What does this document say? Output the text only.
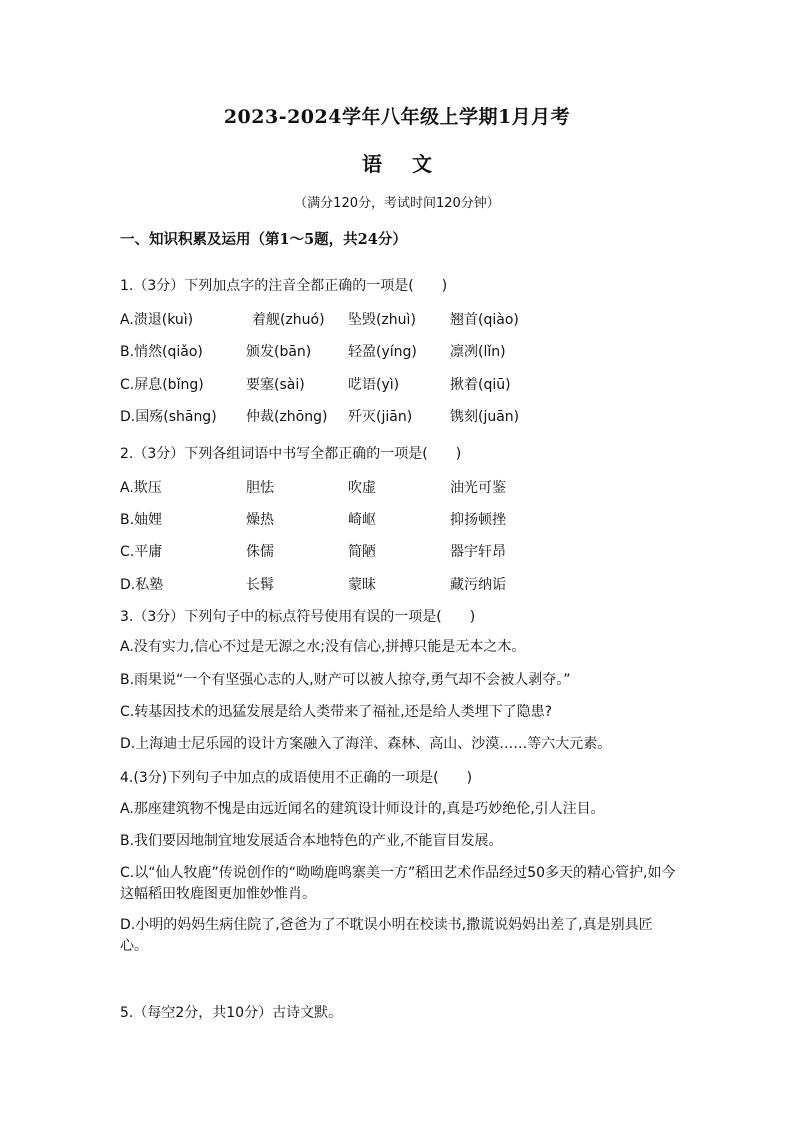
2023-2024学年八年级上学期1月月考
语文
（满分120分，考试时间120分钟）
一、知识积累及运用（第1～5题，共24分）
1.（3分）下列加点字的注音全都正确的一项是(　　)
A.溃退(kuì)	着舰(zhuó) 坠毁(zhuì) 翘首(qiào)
B.悄然(qiǎo)	颁发(bān)	轻盈(yíng) 凛冽(lǐn)
C.屏息(bǐng)	要塞(sài)	呓语(yì)	揪着(qiū)
D.国殇(shāng) 仲裁(zhōng) 歼灭(jiān)	镌刻(juān)
2.（3分）下列各组词语中书写全都正确的一项是(　　)
A.欺压	胆怯	吹虚	油光可鉴
B.妯娌	燥热	崎岖	抑扬顿挫
C.平庸	侏儒	简陋	器宇轩昂
D.私塾	长髯	蒙昧	藏污纳诟
3.（3分）下列句子中的标点符号使用有误的一项是(　　)
A.没有实力,信心不过是无源之水;没有信心,拼搏只能是无本之木。
B.雨果说“一个有坚强心志的人,财产可以被人掠夺,勇气却不会被人剥夺。”
C.转基因技术的迅猛发展是给人类带来了福祉,还是给人类埋下了隐患?
D.上海迪士尼乐园的设计方案融入了海洋、森林、高山、沙漠……等六大元素。
4.(3分)下列句子中加点的成语使用不正确的一项是(　　)
A.那座建筑物不愧是由远近闻名的建筑设计师设计的,真是巧妙绝伦,引人注目。
B.我们要因地制宜地发展适合本地特色的产业,不能盲目发展。
C.以“仙人牧鹿”传说创作的“呦呦鹿鸣寨美一方”稻田艺术作品经过50多天的精心管护,如今这幅稻田牧鹿图更加惟妙惟肖。
D.小明的妈妈生病住院了,爸爸为了不耽误小明在校读书,撒谎说妈妈出差了,真是别具匠心。
5.（每空2分，共10分）古诗文默。
